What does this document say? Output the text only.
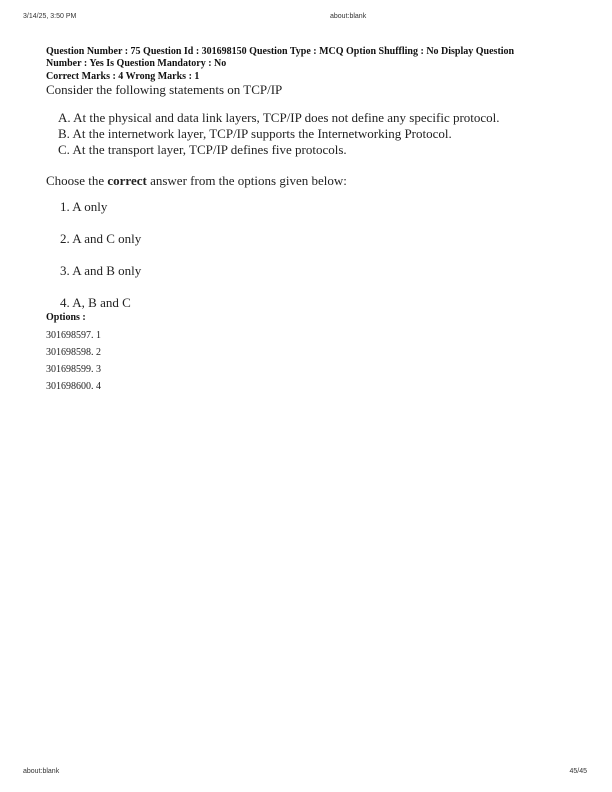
3/14/25, 3:50 PM	about:blank
Question Number : 75 Question Id : 301698150 Question Type : MCQ Option Shuffling : No Display Question
Number : Yes Is Question Mandatory : No
Correct Marks : 4 Wrong Marks : 1
Consider the following statements on TCP/IP
A. At the physical and data link layers, TCP/IP does not define any specific protocol.
B. At the internetwork layer, TCP/IP supports the Internetworking Protocol.
C. At the transport layer, TCP/IP defines five protocols.
Choose the correct answer from the options given below:
1. A only
2. A and C only
3. A and B only
4. A, B and C
Options :
301698597. 1
301698598. 2
301698599. 3
301698600. 4
about:blank	45/45
